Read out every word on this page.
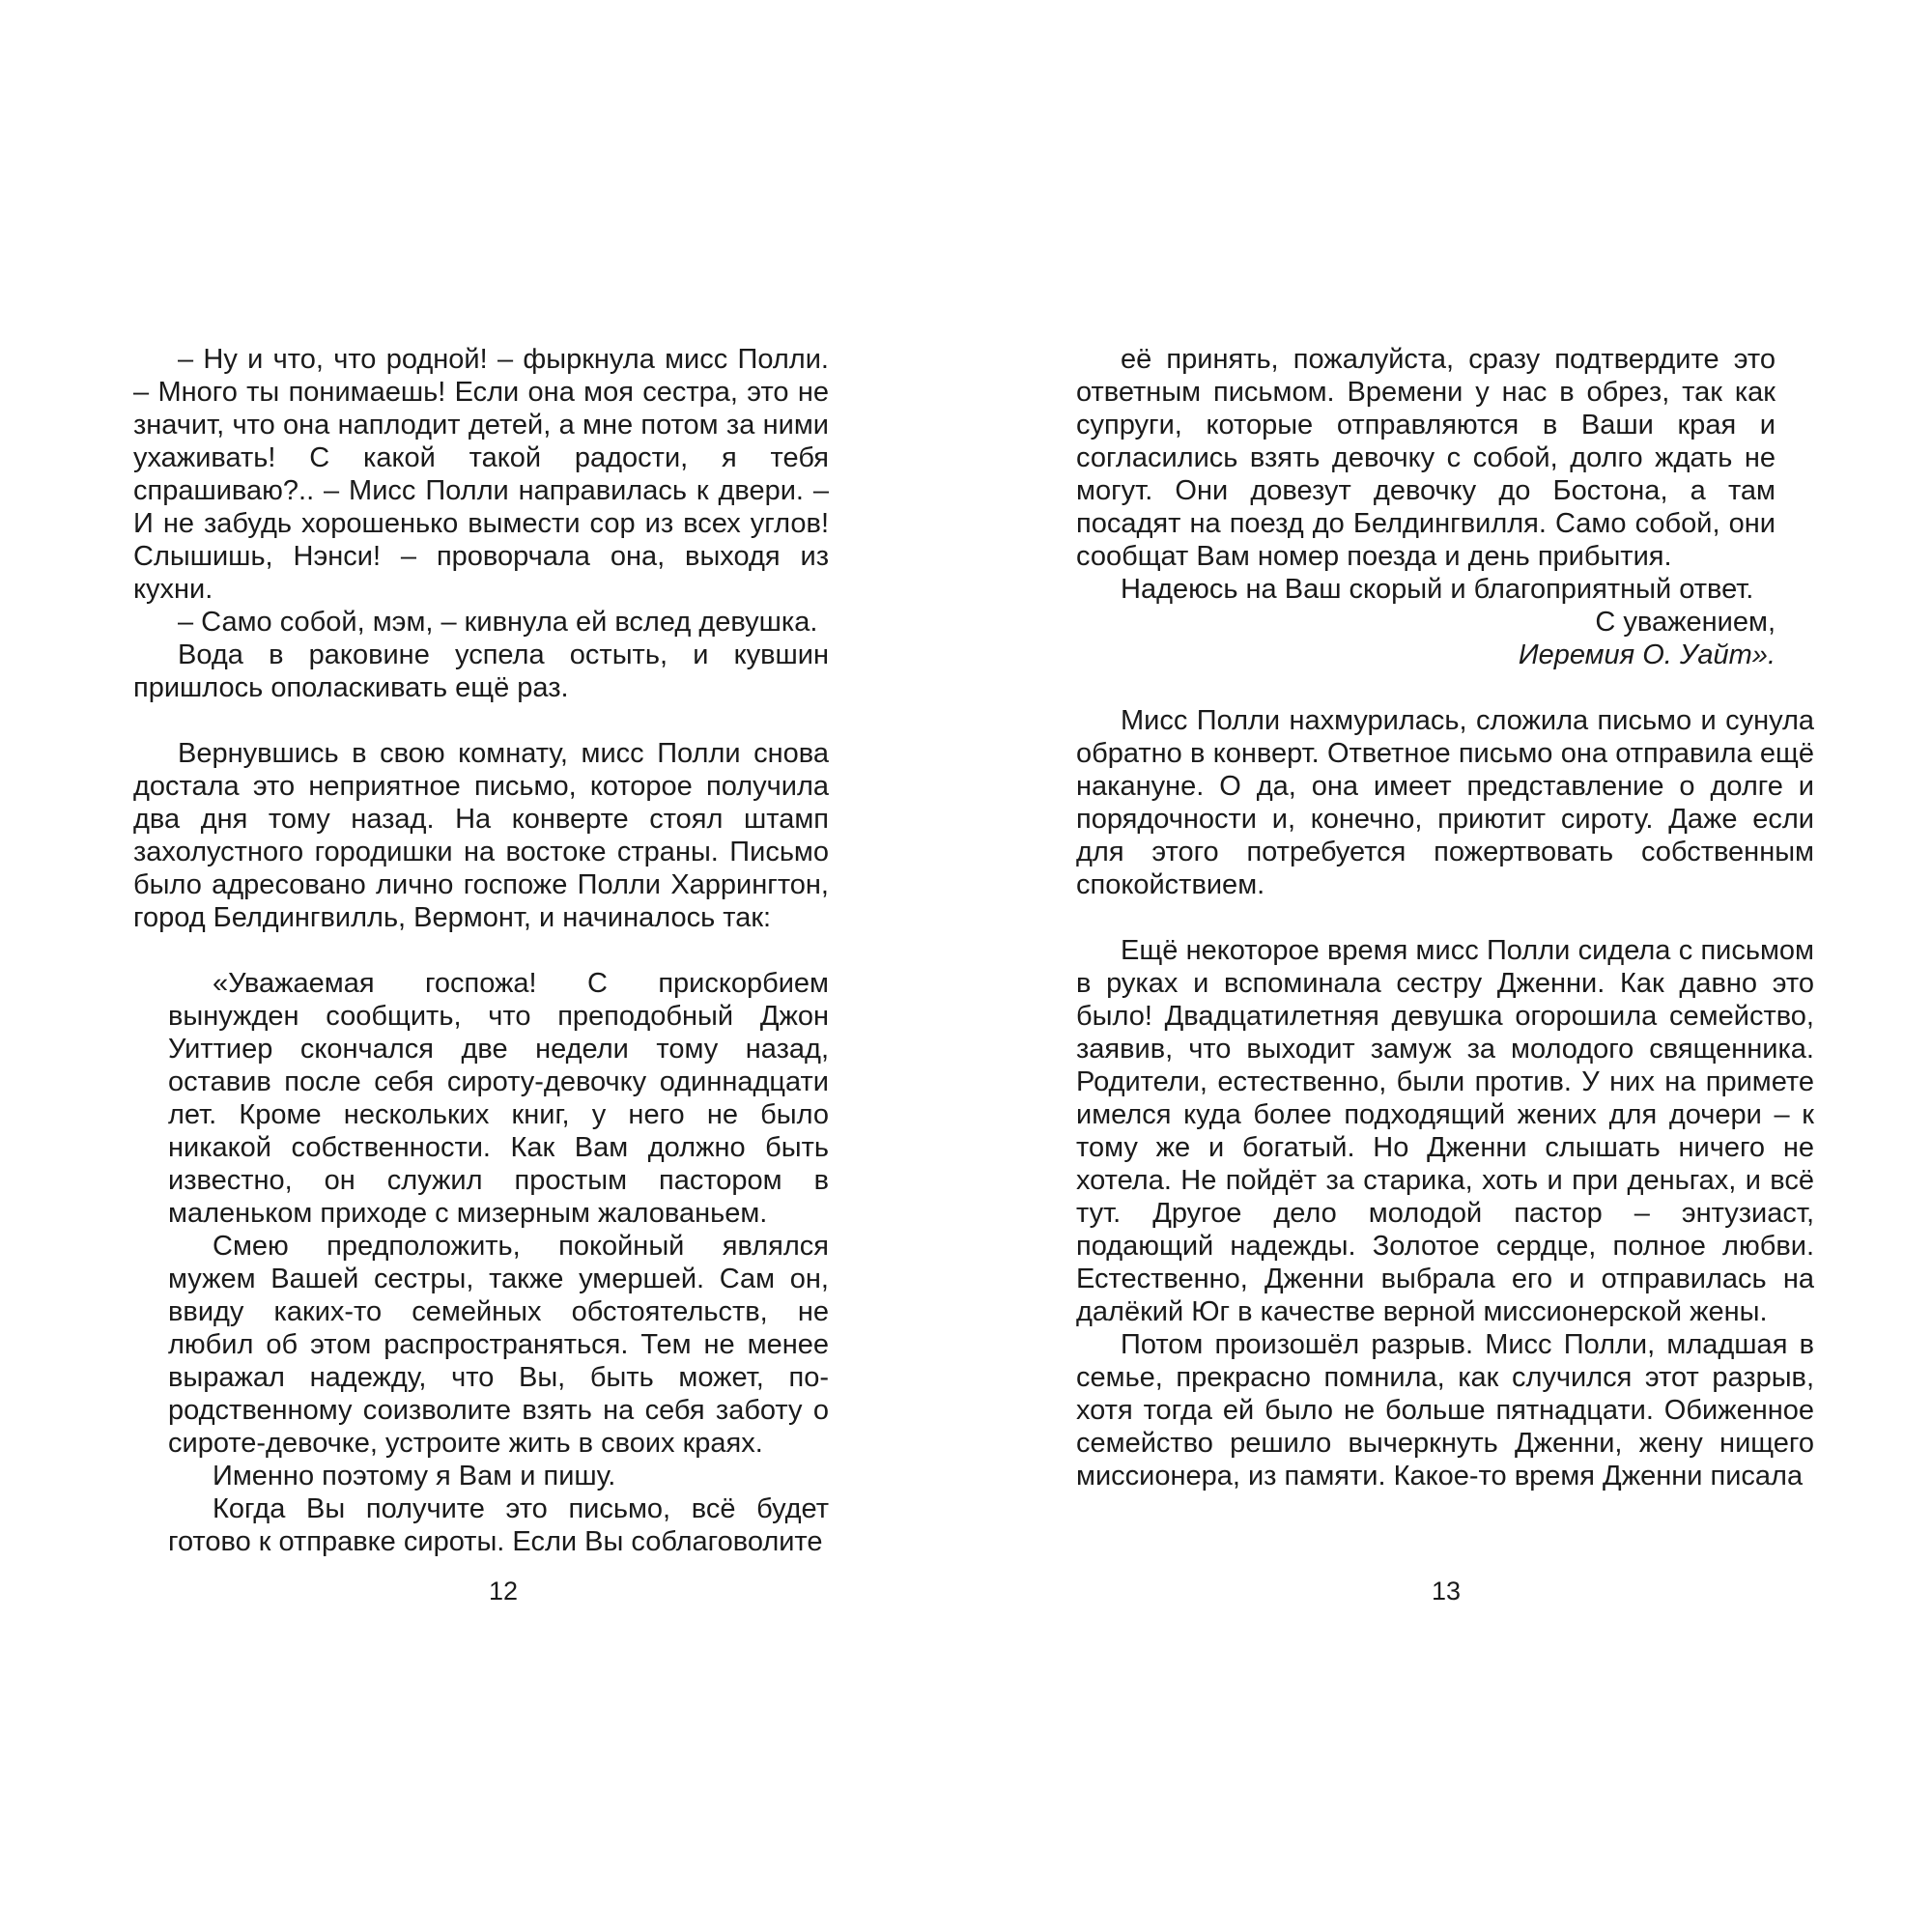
– Ну и что, что родной! – фыркнула мисс Полли. – Много ты понимаешь! Если она моя сестра, это не значит, что она наплодит детей, а мне потом за ними ухаживать! С какой такой радости, я тебя спрашиваю?.. – Мисс Полли направилась к двери. – И не забудь хорошенько вымести сор из всех углов! Слышишь, Нэнси! – проворчала она, выходя из кухни.

– Само собой, мэм, – кивнула ей вслед девушка.

Вода в раковине успела остыть, и кувшин пришлось ополаскивать ещё раз.

Вернувшись в свою комнату, мисс Полли снова достала это неприятное письмо, которое получила два дня тому назад. На конверте стоял штамп захолустного городишки на востоке страны. Письмо было адресовано лично госпоже Полли Харрингтон, город Белдингвилль, Вермонт, и начиналось так:

«Уважаемая госпожа! С прискорбием вынужден сообщить, что преподобный Джон Уиттиер скончался две недели тому назад, оставив после себя сироту-девочку одиннадцати лет. Кроме нескольких книг, у него не было никакой собственности. Как Вам должно быть известно, он служил простым пастором в маленьком приходе с мизерным жалованьем.

Смею предположить, покойный являлся мужем Вашей сестры, также умершей. Сам он, ввиду каких-то семейных обстоятельств, не любил об этом распространяться. Тем не менее выражал надежду, что Вы, быть может, по-родственному соизволите взять на себя заботу о сироте-девочке, устроите жить в своих краях.

Именно поэтому я Вам и пишу.

Когда Вы получите это письмо, всё будет готово к отправке сироты. Если Вы соблаговолите

12

её принять, пожалуйста, сразу подтвердите это ответным письмом. Времени у нас в обрез, так как супруги, которые отправляются в Ваши края и согласились взять девочку с собой, долго ждать не могут. Они довезут девочку до Бостона, а там посадят на поезд до Белдингвилля. Само собой, они сообщат Вам номер поезда и день прибытия.

Надеюсь на Ваш скорый и благоприятный ответ.

С уважением,

Иеремия О. Уайт».

Мисс Полли нахмурилась, сложила письмо и сунула обратно в конверт. Ответное письмо она отправила ещё накануне. О да, она имеет представление о долге и порядочности и, конечно, приютит сироту. Даже если для этого потребуется пожертвовать собственным спокойствием.

Ещё некоторое время мисс Полли сидела с письмом в руках и вспоминала сестру Дженни. Как давно это было! Двадцатилетняя девушка огорошила семейство, заявив, что выходит замуж за молодого священника. Родители, естественно, были против. У них на примете имелся куда более подходящий жених для дочери – к тому же и богатый. Но Дженни слышать ничего не хотела. Не пойдёт за старика, хоть и при деньгах, и всё тут. Другое дело молодой пастор – энтузиаст, подающий надежды. Золотое сердце, полное любви. Естественно, Дженни выбрала его и отправилась на далёкий Юг в качестве верной миссионерской жены.

Потом произошёл разрыв. Мисс Полли, младшая в семье, прекрасно помнила, как случился этот разрыв, хотя тогда ей было не больше пятнадцати. Обиженное семейство решило вычеркнуть Дженни, жену нищего миссионера, из памяти. Какое-то время Дженни писала

13
